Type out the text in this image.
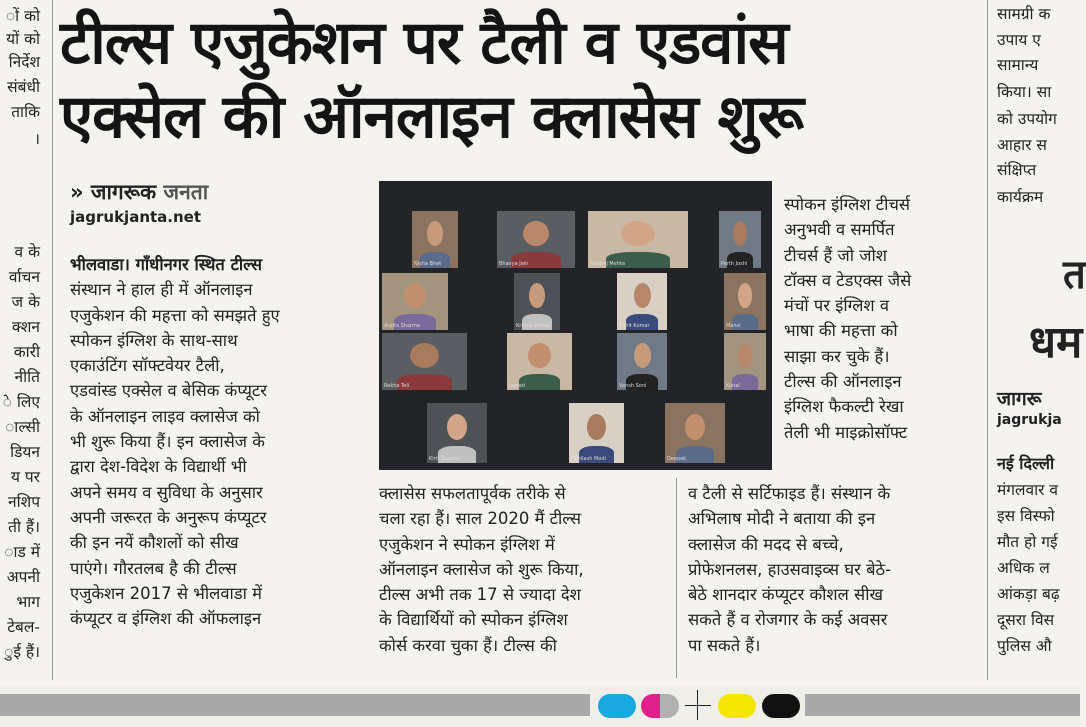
ों को
यों को
निर्देश
संबंधी
ताकि
।
व के
र्वाचन
ज के
क्शन
कारी
नीति
े लिए
ाल्सी
डियन
य पर
नशिप
ती हैं।
ाड में
अपनी
भाग
टेबल-
ुई हैं।
सामग्री क
उपाय ए
सामान्य
किया। सा
को उपयोग
आहार स
संक्षिप्त
कार्यक्रम
त
धम
जागरू
jagrukja
नई दिल्ली
मंगलवार व
इस विस्फो
मौत हो गई
अधिक ल
आंकड़ा बढ़
दूसरा विस
पुलिस औ
टील्स एजुकेशन पर टैली व एडवांस
एक्सेल की ऑनलाइन क्लासेस शुरू
» जागरूक जनता
jagrukjanta.net

भीलवाडा। गाँधीनगर स्थित टील्स

संस्थान ने हाल ही में ऑनलाइन

एजुकेशन की महत्ता को समझते हुए

स्पोकन इंग्लिश के साथ-साथ

एकाउंटिंग सॉफ्टवेयर टैली,

एडवांस्ड एक्सेल व बेसिक कंप्यूटर

के ऑनलाइन लाइव क्लासेज को

भी शुरू किया हैं। इन क्लासेज के

द्वारा देश-विदेश के विद्यार्थी भी

अपने समय व सुविधा के अनुसार

अपनी जरूरत के अनुरूप कंप्यूटर

की इन नयें कौशलों को सीख

पाएंगे। गौरतलब है की टील्स

एजुकेशन 2017 से भीलवाडा में

कंप्यूटर व इंग्लिश की ऑफलाइन

Nisha Bhat	Bhavya Jain	Yashraj Mehta	Parth Joshi
Arpita Sharma	Kritika Verma	Rohit Kumar	Mansi
Rekha Teli	Jagrati	Vansh Soni	Kunal
Kirti Sharma	Abhilash Modi	Deepak

क्लासेस सफलतापूर्वक तरीके से

चला रहा हैं। साल 2020 मैं टील्स

एजुकेशन ने स्पोकन इंग्लिश में

ऑनलाइन क्लासेज को शुरू किया,

टील्स अभी तक 17 से ज्यादा देश

के विद्यार्थियों को स्पोकन इंग्लिश

कोर्स करवा चुका हैं। टील्स की

स्पोकन इंग्लिश टीचर्स

अनुभवी व समर्पित

टीचर्स हैं जो जोश

टॉक्स व टेडएक्स जैसे

मंचों पर इंग्लिश व

भाषा की महत्ता को

साझा कर चुके हैं।

टील्स की ऑनलाइन

इंग्लिश फैकल्टी रेखा

तेली भी माइक्रोसॉफ्ट

व टैली से सर्टिफाइड हैं। संस्थान के

अभिलाष मोदी ने बताया की इन

क्लासेज की मदद से बच्चे,

प्रोफेशनलस, हाउसवाइव्स घर बेठे-

बेठे शानदार कंप्यूटर कौशल सीख

सकते हैं व रोजगार के कई अवसर

पा सकते हैं।
